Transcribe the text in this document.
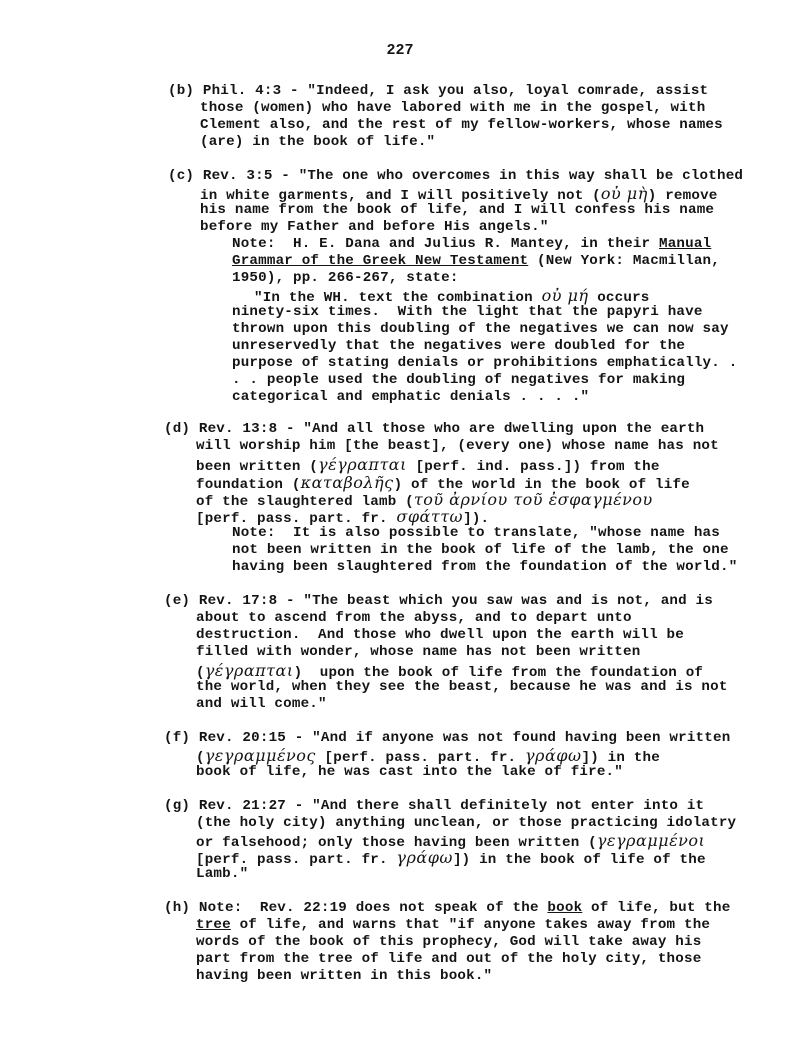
227
(b) Phil. 4:3 - "Indeed, I ask you also, loyal comrade, assist
those (women) who have labored with me in the gospel, with
Clement also, and the rest of my fellow-workers, whose names
(are) in the book of life."
(c) Rev. 3:5 - "The one who overcomes in this way shall be clothed
in white garments, and I will positively not (οὐ μὴ) remove
his name from the book of life, and I will confess his name
before my Father and before His angels."
Note:  H. E. Dana and Julius R. Mantey, in their Manual
Grammar of the Greek New Testament (New York: Macmillan,
1950), pp. 266-267, state:
"In the WH. text the combination οὐ μή occurs
ninety-six times.  With the light that the papyri have
thrown upon this doubling of the negatives we can now say
unreservedly that the negatives were doubled for the
purpose of stating denials or prohibitions emphatically. .
. . people used the doubling of negatives for making
categorical and emphatic denials . . . ."
(d) Rev. 13:8 - "And all those who are dwelling upon the earth
will worship him [the beast], (every one) whose name has not
been written (γέγραπται [perf. ind. pass.]) from the
foundation (καταβολῆς) of the world in the book of life
of the slaughtered lamb (τοῦ ἀρνίου τοῦ ἐσφαγμένου
[perf. pass. part. fr. σφάττω]).
Note:  It is also possible to translate, "whose name has
not been written in the book of life of the lamb, the one
having been slaughtered from the foundation of the world."
(e) Rev. 17:8 - "The beast which you saw was and is not, and is
about to ascend from the abyss, and to depart unto
destruction.  And those who dwell upon the earth will be
filled with wonder, whose name has not been written
(γέγραπται)  upon the book of life from the foundation of
the world, when they see the beast, because he was and is not
and will come."
(f) Rev. 20:15 - "And if anyone was not found having been written
(γεγραμμένος [perf. pass. part. fr. γράφω]) in the
book of life, he was cast into the lake of fire."
(g) Rev. 21:27 - "And there shall definitely not enter into it
(the holy city) anything unclean, or those practicing idolatry
or falsehood; only those having been written (γεγραμμένοι
[perf. pass. part. fr. γράφω]) in the book of life of the
Lamb."
(h) Note:  Rev. 22:19 does not speak of the book of life, but the
tree of life, and warns that "if anyone takes away from the
words of the book of this prophecy, God will take away his
part from the tree of life and out of the holy city, those
having been written in this book."
